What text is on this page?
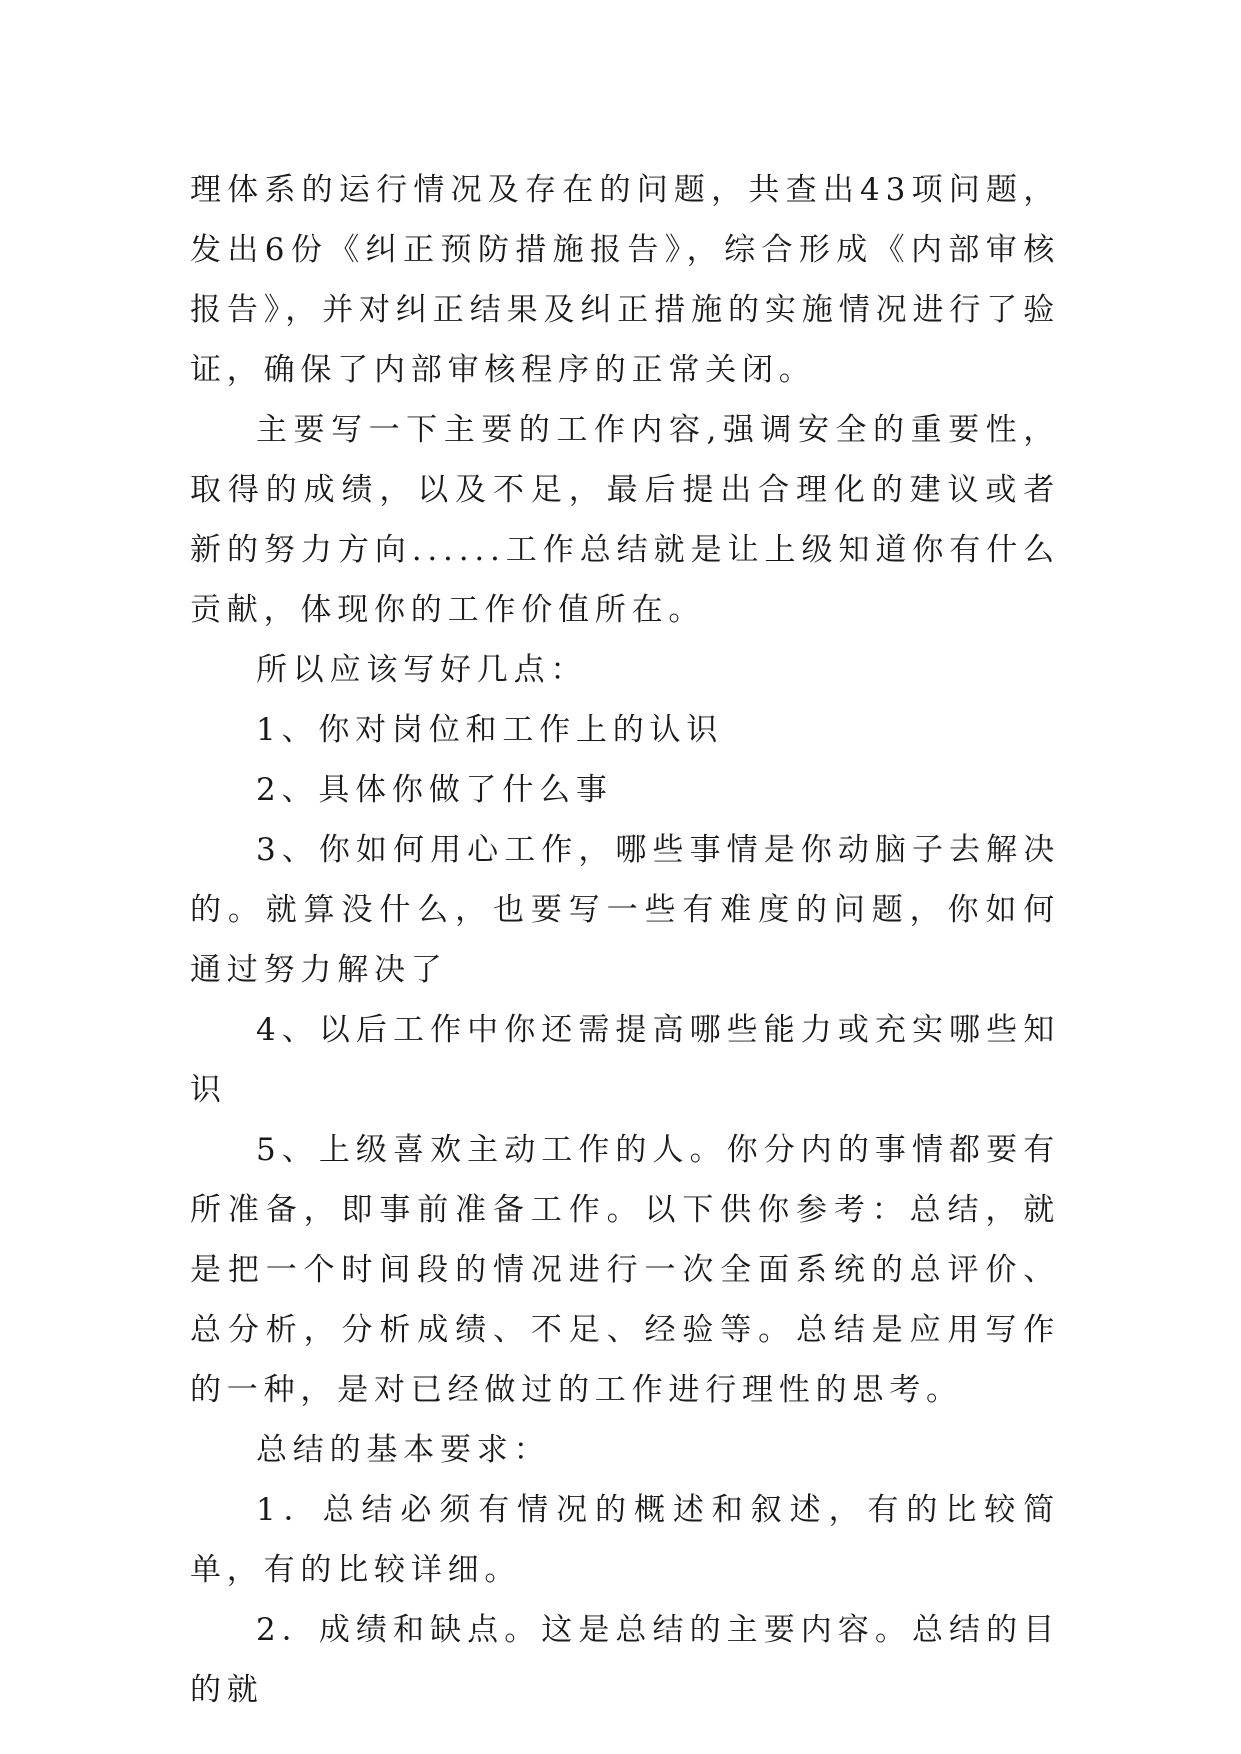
理体系的运行情况及存在的问题，共查出43项问题，发出6份《纠正预防措施报告》，综合形成《内部审核报告》，并对纠正结果及纠正措施的实施情况进行了验证，确保了内部审核程序的正常关闭。

主要写一下主要的工作内容,强调安全的重要性，取得的成绩，以及不足，最后提出合理化的建议或者新的努力方向......工作总结就是让上级知道你有什么贡献，体现你的工作价值所在。

所以应该写好几点：

1、你对岗位和工作上的认识

2、具体你做了什么事

3、你如何用心工作，哪些事情是你动脑子去解决的。就算没什么，也要写一些有难度的问题，你如何通过努力解决了

4、以后工作中你还需提高哪些能力或充实哪些知识

5、上级喜欢主动工作的人。你分内的事情都要有所准备，即事前准备工作。以下供你参考：总结，就是把一个时间段的情况进行一次全面系统的总评价、总分析，分析成绩、不足、经验等。总结是应用写作的一种，是对已经做过的工作进行理性的思考。

总结的基本要求：

1．总结必须有情况的概述和叙述，有的比较简单，有的比较详细。

2．成绩和缺点。这是总结的主要内容。总结的目的就
